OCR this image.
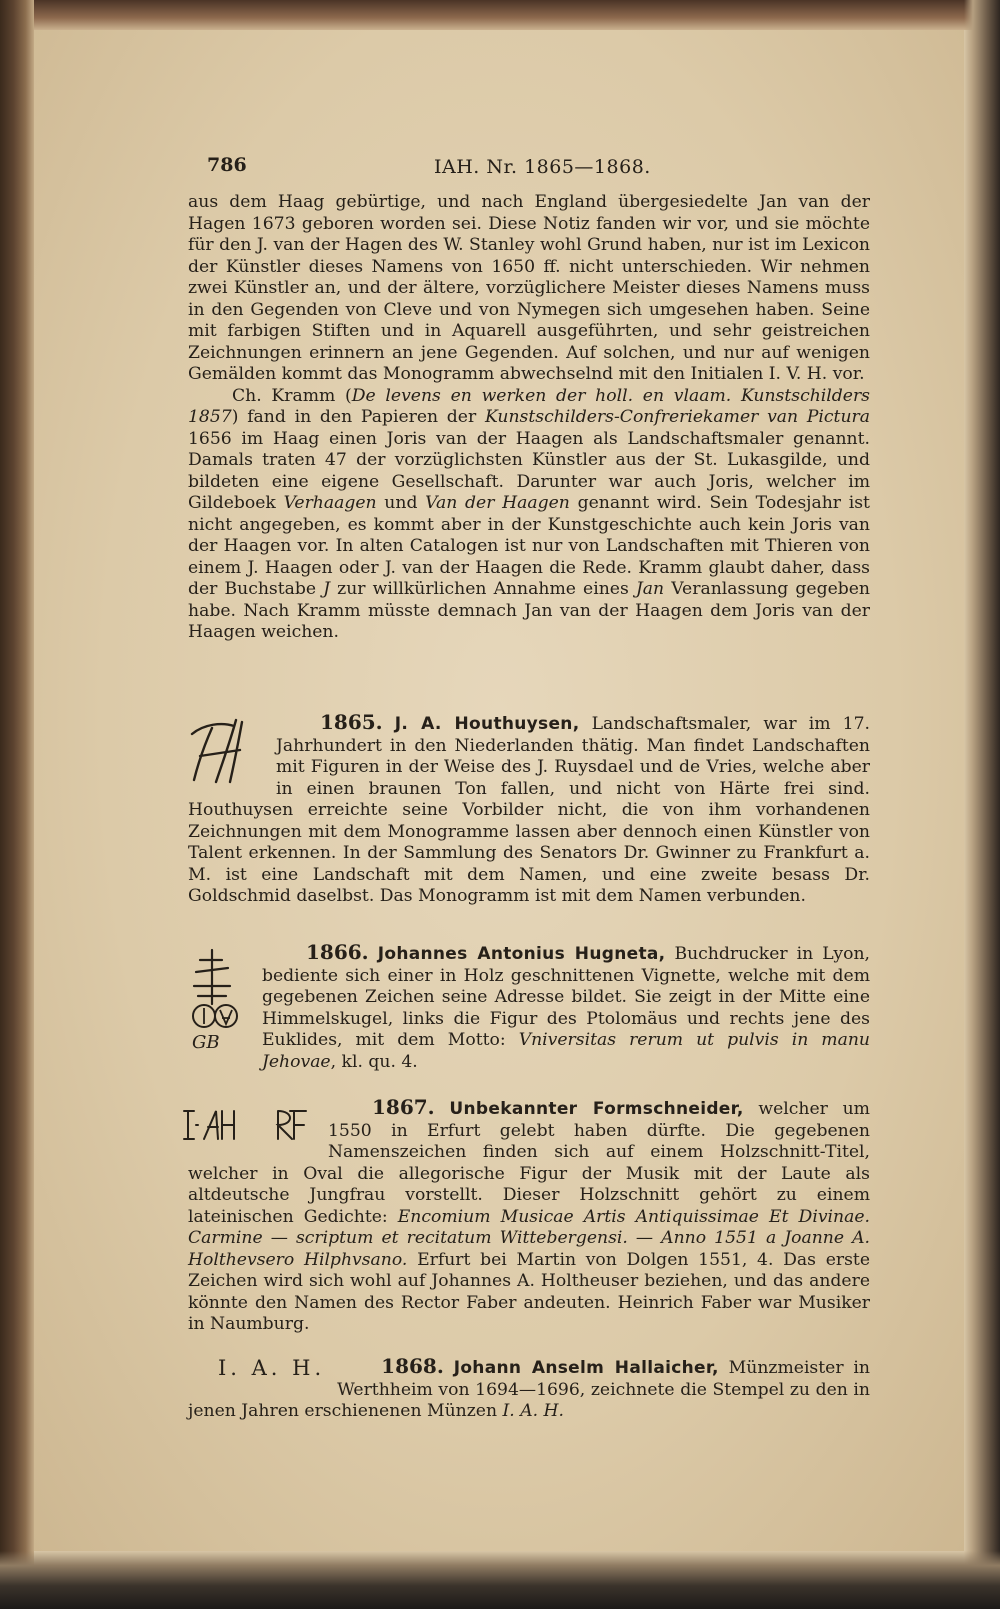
786	IAH. Nr. 1865—1868.

aus dem Haag gebürtige, und nach England übergesiedelte Jan van der Hagen 1673 geboren worden sei. Diese Notiz fanden wir vor, und sie möchte für den J. van der Hagen des W. Stanley wohl Grund haben, nur ist im Lexicon der Künstler dieses Namens von 1650 ff. nicht unterschieden. Wir nehmen zwei Künstler an, und der ältere, vorzüglichere Meister dieses Namens muss in den Gegenden von Cleve und von Nymegen sich umgesehen haben. Seine mit farbigen Stiften und in Aquarell ausgeführten, und sehr geistreichen Zeichnungen erinnern an jene Gegenden. Auf solchen, und nur auf wenigen Gemälden kommt das Monogramm abwechselnd mit den Initialen I. V. H. vor.

Ch. Kramm (De levens en werken der holl. en vlaam. Kunstschilders 1857) fand in den Papieren der Kunstschilders-Confreriekamer van Pictura 1656 im Haag einen Joris van der Haagen als Landschaftsmaler genannt. Damals traten 47 der vorzüglichsten Künstler aus der St. Lukasgilde, und bildeten eine eigene Gesellschaft. Darunter war auch Joris, welcher im Gildeboek Verhaagen und Van der Haagen genannt wird. Sein Todesjahr ist nicht angegeben, es kommt aber in der Kunstgeschichte auch kein Joris van der Haagen vor. In alten Catalogen ist nur von Landschaften mit Thieren von einem J. Haagen oder J. van der Haagen die Rede. Kramm glaubt daher, dass der Buchstabe J zur willkürlichen Annahme eines Jan Veranlassung gegeben habe. Nach Kramm müsste demnach Jan van der Haagen dem Joris van der Haagen weichen.

1865. J. A. Houthuysen, Landschaftsmaler, war im 17. Jahrhundert in den Niederlanden thätig. Man findet Landschaften mit Figuren in der Weise des J. Ruysdael und de Vries, welche aber in einen braunen Ton fallen, und nicht von Härte frei sind. Houthuysen erreichte seine Vorbilder nicht, die von ihm vorhandenen Zeichnungen mit dem Monogramme lassen aber dennoch einen Künstler von Talent erkennen. In der Sammlung des Senators Dr. Gwinner zu Frankfurt a. M. ist eine Landschaft mit dem Namen, und eine zweite besass Dr. Goldschmid daselbst. Das Monogramm ist mit dem Namen verbunden.

GB
1866. Johannes Antonius Hugneta, Buchdrucker in Lyon, bediente sich einer in Holz geschnittenen Vignette, welche mit dem gegebenen Zeichen seine Adresse bildet. Sie zeigt in der Mitte eine Himmelskugel, links die Figur des Ptolomäus und rechts jene des Euklides, mit dem Motto: Vniversitas rerum ut pulvis in manu Jehovae, kl. qu. 4.

1867. Unbekannter Formschneider, welcher um 1550 in Erfurt gelebt haben dürfte. Die gegebenen Namenszeichen finden sich auf einem Holzschnitt-Titel, welcher in Oval die allegorische Figur der Musik mit der Laute als altdeutsche Jungfrau vorstellt. Dieser Holzschnitt gehört zu einem lateinischen Gedichte: Encomium Musicae Artis Antiquissimae Et Divinae. Carmine — scriptum et recitatum Wittebergensi. — Anno 1551 a Joanne A. Holthevsero Hilphvsano. Erfurt bei Martin von Dolgen 1551, 4. Das erste Zeichen wird sich wohl auf Johannes A. Holtheuser beziehen, und das andere könnte den Namen des Rector Faber andeuten. Heinrich Faber war Musiker in Naumburg.

I. A. H.	1868. Johann Anselm Hallaicher, Münzmeister in Werthheim von 1694—1696, zeichnete die Stempel zu den in jenen Jahren erschienenen Münzen I. A. H.
